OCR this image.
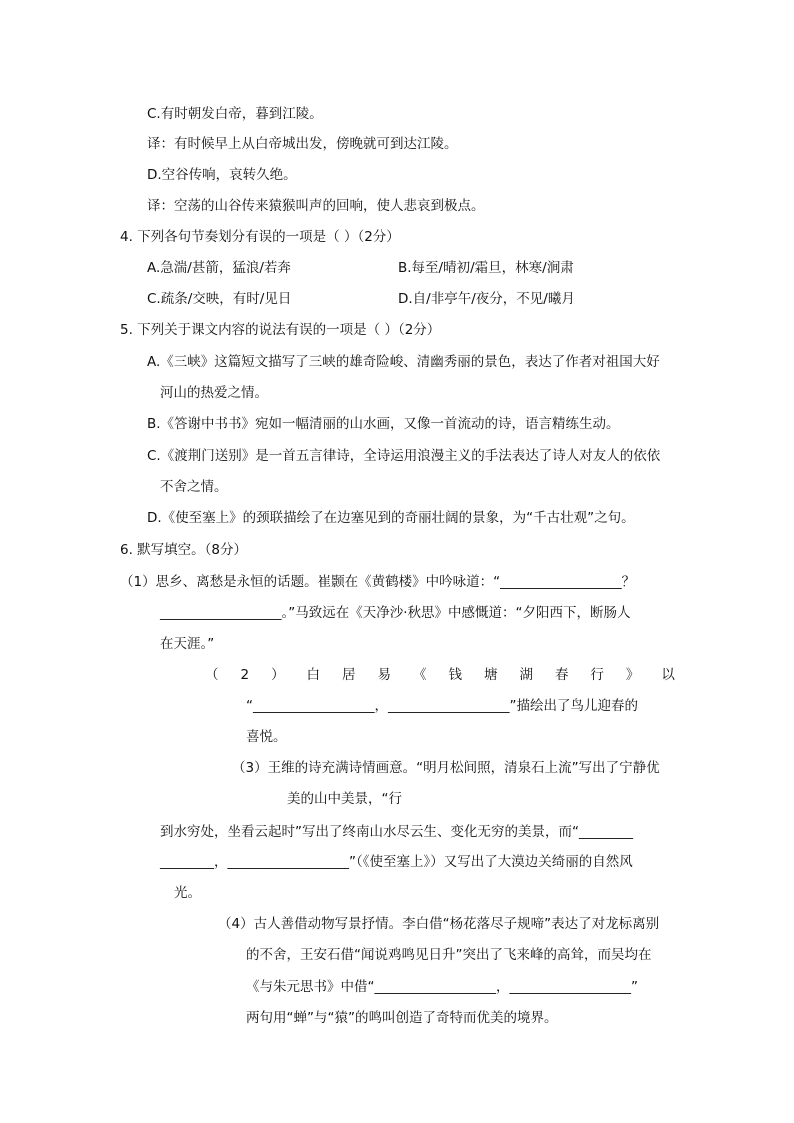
C.有时朝发白帝，暮到江陵。
译：有时候早上从白帝城出发，傍晚就可到达江陵。
D.空谷传响，哀转久绝。
译：空荡的山谷传来猿猴叫声的回响，使人悲哀到极点。
4. 下列各句节奏划分有误的一项是（ ）（2分）
A.急湍/甚箭，猛浪/若奔	B.每至/晴初/霜旦，林寒/涧肃
C.疏条/交映，有时/见日	D.自/非亭午/夜分，不见/曦月
5. 下列关于课文内容的说法有误的一项是（ ）（2分）
A.《三峡》这篇短文描写了三峡的雄奇险峻、清幽秀丽的景色，表达了作者对祖国大好
河山的热爱之情。
B.《答谢中书书》宛如一幅清丽的山水画，又像一首流动的诗，语言精练生动。
C.《渡荆门送别》是一首五言律诗，全诗运用浪漫主义的手法表达了诗人对友人的依依
不舍之情。
D.《使至塞上》的颈联描绘了在边塞见到的奇丽壮阔的景象，为“千古壮观”之句。
6. 默写填空。（8分）
（1）思乡、离愁是永恒的话题。崔颢在《黄鹤楼》中吟咏道：“__________________？
__________________。”马致远在《天净沙·秋思》中感慨道：“夕阳西下，断肠人
在天涯。”
（ 2 ） 白 居 易 《 钱 塘 湖 春 行 》 以
“__________________，__________________”描绘出了鸟儿迎春的
喜悦。
（3）王维的诗充满诗情画意。“明月松间照，清泉石上流”写出了宁静优
美的山中美景，“行
到水穷处，坐看云起时”写出了终南山水尽云生、变化无穷的美景，而“________
________，__________________”（《使至塞上》）又写出了大漠边关绮丽的自然风
光。
（4）古人善借动物写景抒情。李白借“杨花落尽子规啼”表达了对龙标离别
的不舍，王安石借“闻说鸡鸣见日升”突出了飞来峰的高耸，而吴均在
《与朱元思书》中借“__________________，__________________”
两句用“蝉”与“猿”的鸣叫创造了奇特而优美的境界。
